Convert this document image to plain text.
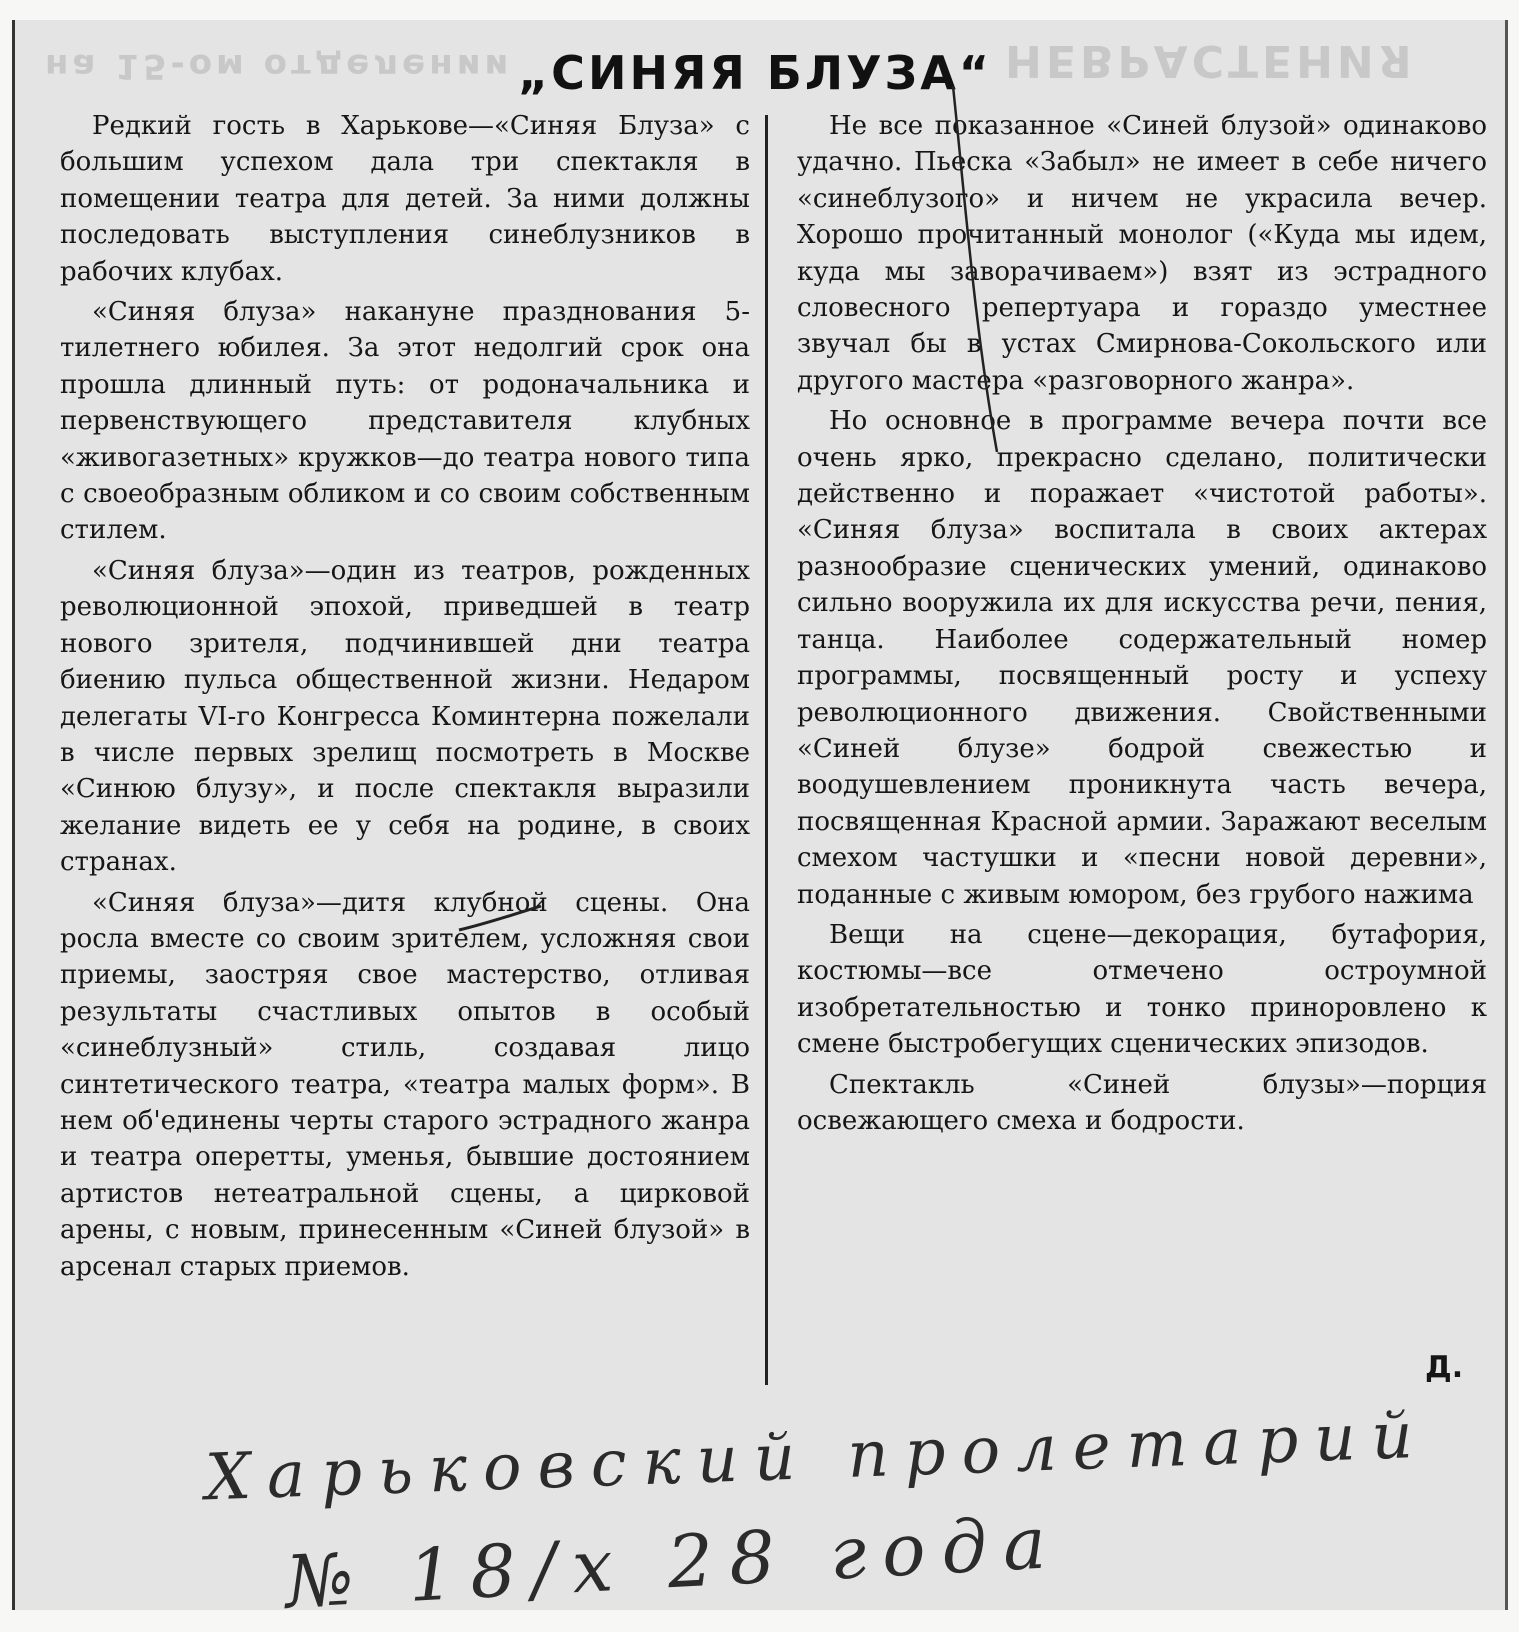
на 15-ом отделении	НЕВРАСТЕНИЯ
„СИНЯЯ БЛУЗА“

Редкий гость в Харькове—«Синяя Блуза» с большим успехом дала три спектакля в помещении театра для детей. За ними должны последовать выступления синеблузников в рабочих клубах.

«Синяя блуза» накануне празднования 5-тилетнего юбилея. За этот недолгий срок она прошла длинный путь: от родоначальника и первенствующего представителя клубных «живогазетных» кружков—до театра нового типа с своеобразным обликом и со своим собственным стилем.

«Синяя блуза»—один из театров, рожденных революционной эпохой, приведшей в театр нового зрителя, подчинившей дни театра биению пульса общественной жизни. Недаром делегаты VI-го Конгресса Коминтерна пожелали в числе первых зрелищ посмотреть в Москве «Синюю блузу», и после спектакля выразили желание видеть ее у себя на родине, в своих странах.

«Синяя блуза»—дитя клубной сцены. Она росла вместе со своим зрителем, усложняя свои приемы, заостряя свое мастерство, отливая результаты счастливых опытов в особый «синеблузный» стиль, создавая лицо синтетического театра, «театра малых форм». В нем об'единены черты старого эстрадного жанра и театра оперетты, уменья, бывшие достоянием артистов нетеатральной сцены, а цирковой арены, с новым, принесенным «Синей блузой» в арсенал старых приемов.

Не все показанное «Синей блузой» одинаково удачно. Пьеска «Забыл» не имеет в себе ничего «синеблузого» и ничем не украсила вечер. Хорошо прочитанный монолог («Куда мы идем, куда мы заворачиваем») взят из эстрадного словесного репертуара и гораздо уместнее звучал бы в устах Смирнова-Сокольского или другого мастера «разговорного жанра».

Но основное в программе вечера почти все очень ярко, прекрасно сделано, политически действенно и поражает «чистотой работы». «Синяя блуза» воспитала в своих актерах разнообразие сценических умений, одинаково сильно вооружила их для искусства речи, пения, танца. Наиболее содержательный номер программы, посвященный росту и успеху революционного движения. Свойственными «Синей блузе» бодрой свежестью и воодушевлением проникнута часть вечера, посвященная Красной армии. Заражают веселым смехом частушки и «песни новой деревни», поданные с живым юмором, без грубого нажима

Вещи на сцене—декорация, бутафория, костюмы—все отмечено остроумной изобретательностью и тонко приноровлено к смене быстробегущих сценических эпизодов.

Спектакль «Синей блузы»—порция освежающего смеха и бодрости.

Д.
Харьковский пролетарий
№ 18/x 28 года
